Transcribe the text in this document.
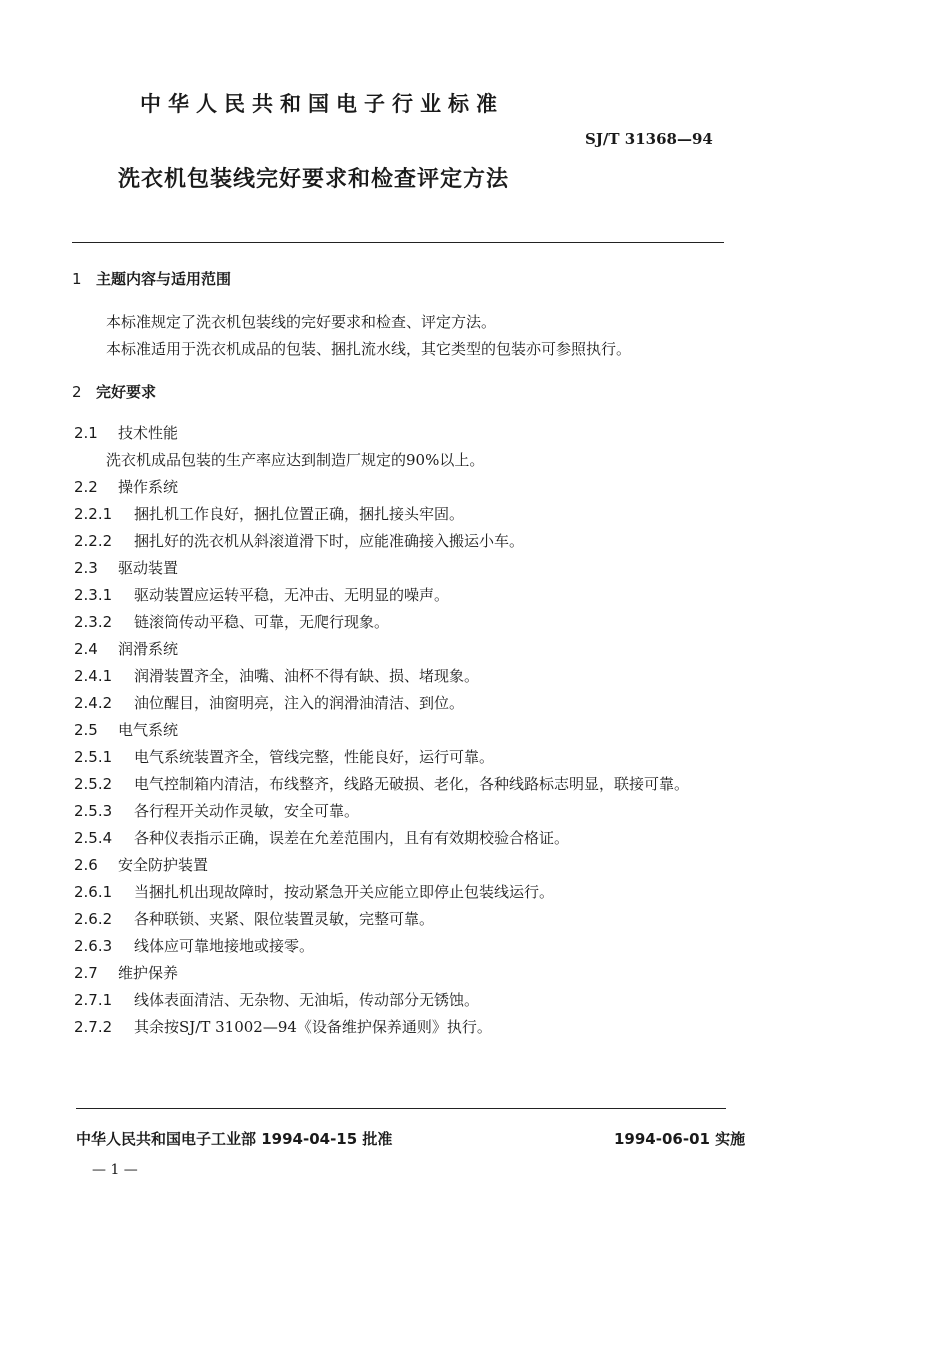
中华人民共和国电子行业标准
SJ/T 31368—94
洗衣机包装线完好要求和检查评定方法
1 主题内容与适用范围
本标准规定了洗衣机包装线的完好要求和检查、评定方法。
本标准适用于洗衣机成品的包装、捆扎流水线，其它类型的包装亦可参照执行。
2 完好要求
2.1 技术性能
洗衣机成品包装的生产率应达到制造厂规定的90%以上。
2.2 操作系统
2.2.1 捆扎机工作良好，捆扎位置正确，捆扎接头牢固。
2.2.2 捆扎好的洗衣机从斜滚道滑下时，应能准确接入搬运小车。
2.3 驱动装置
2.3.1 驱动装置应运转平稳，无冲击、无明显的噪声。
2.3.2 链滚筒传动平稳、可靠，无爬行现象。
2.4 润滑系统
2.4.1 润滑装置齐全，油嘴、油杯不得有缺、损、堵现象。
2.4.2 油位醒目，油窗明亮，注入的润滑油清洁、到位。
2.5 电气系统
2.5.1 电气系统装置齐全，管线完整，性能良好，运行可靠。
2.5.2 电气控制箱内清洁，布线整齐，线路无破损、老化，各种线路标志明显，联接可靠。
2.5.3 各行程开关动作灵敏，安全可靠。
2.5.4 各种仪表指示正确，误差在允差范围内，且有有效期校验合格证。
2.6 安全防护装置
2.6.1 当捆扎机出现故障时，按动紧急开关应能立即停止包装线运行。
2.6.2 各种联锁、夹紧、限位装置灵敏，完整可靠。
2.6.3 线体应可靠地接地或接零。
2.7 维护保养
2.7.1 线体表面清洁、无杂物、无油垢，传动部分无锈蚀。
2.7.2 其余按SJ/T 31002—94《设备维护保养通则》执行。
中华人民共和国电子工业部 1994-04-15 批准	1994-06-01 实施
— 1 —
